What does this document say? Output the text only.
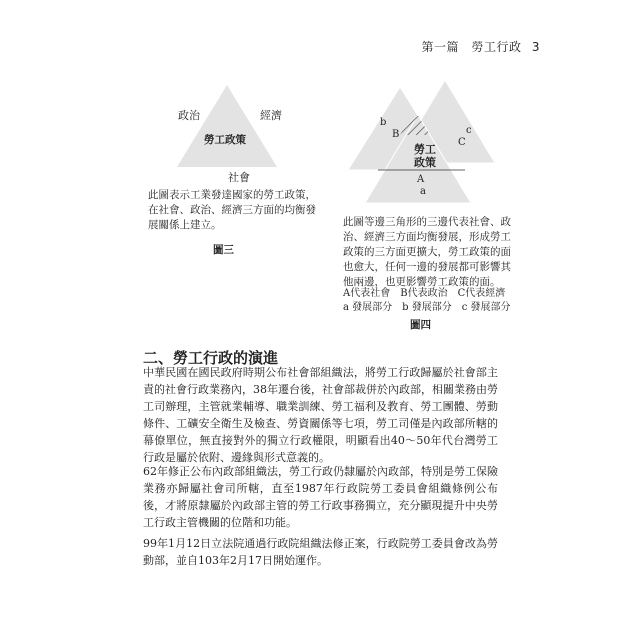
第一篇　勞工行政 3
政治	經濟
勞工政策
社會
此圖表示工業發達國家的勞工政策，在社會、政治、經濟三方面的均衡發展關係上建立。
圖三
b
B	c
C
勞工
政策
A
a
此圖等邊三角形的三邊代表社會、政治、經濟三方面均衡發展，形成勞工政策的三方面更擴大，勞工政策的面也愈大，任何一邊的發展都可影響其他兩邊，也更影響勞工政策的面。
A代表社會　B代表政治　C代表經濟
a 發展部分　b 發展部分　c 發展部分
圖四
二、勞工行政的演進
中華民國在國民政府時期公布社會部組織法，將勞工行政歸屬於社會部主責的社會行政業務內，38年遷台後，社會部裁併於內政部，相關業務由勞工司辦理，主管就業輔導、職業訓練、勞工福利及教育、勞工團體、勞動條件、工礦安全衛生及檢查、勞資關係等七項，勞工司僅是內政部所轄的幕僚單位，無直接對外的獨立行政權限，明顯看出40～50年代台灣勞工行政是屬於依附、邊緣與形式意義的。
62年修正公布內政部組織法，勞工行政仍隸屬於內政部，特別是勞工保險業務亦歸屬社會司所轄，直至1987年行政院勞工委員會組織條例公布後，才將原隸屬於內政部主管的勞工行政事務獨立，充分顯現提升中央勞工行政主管機關的位階和功能。
99年1月12日立法院通過行政院組織法修正案，行政院勞工委員會改為勞動部，並自103年2月17日開始運作。
